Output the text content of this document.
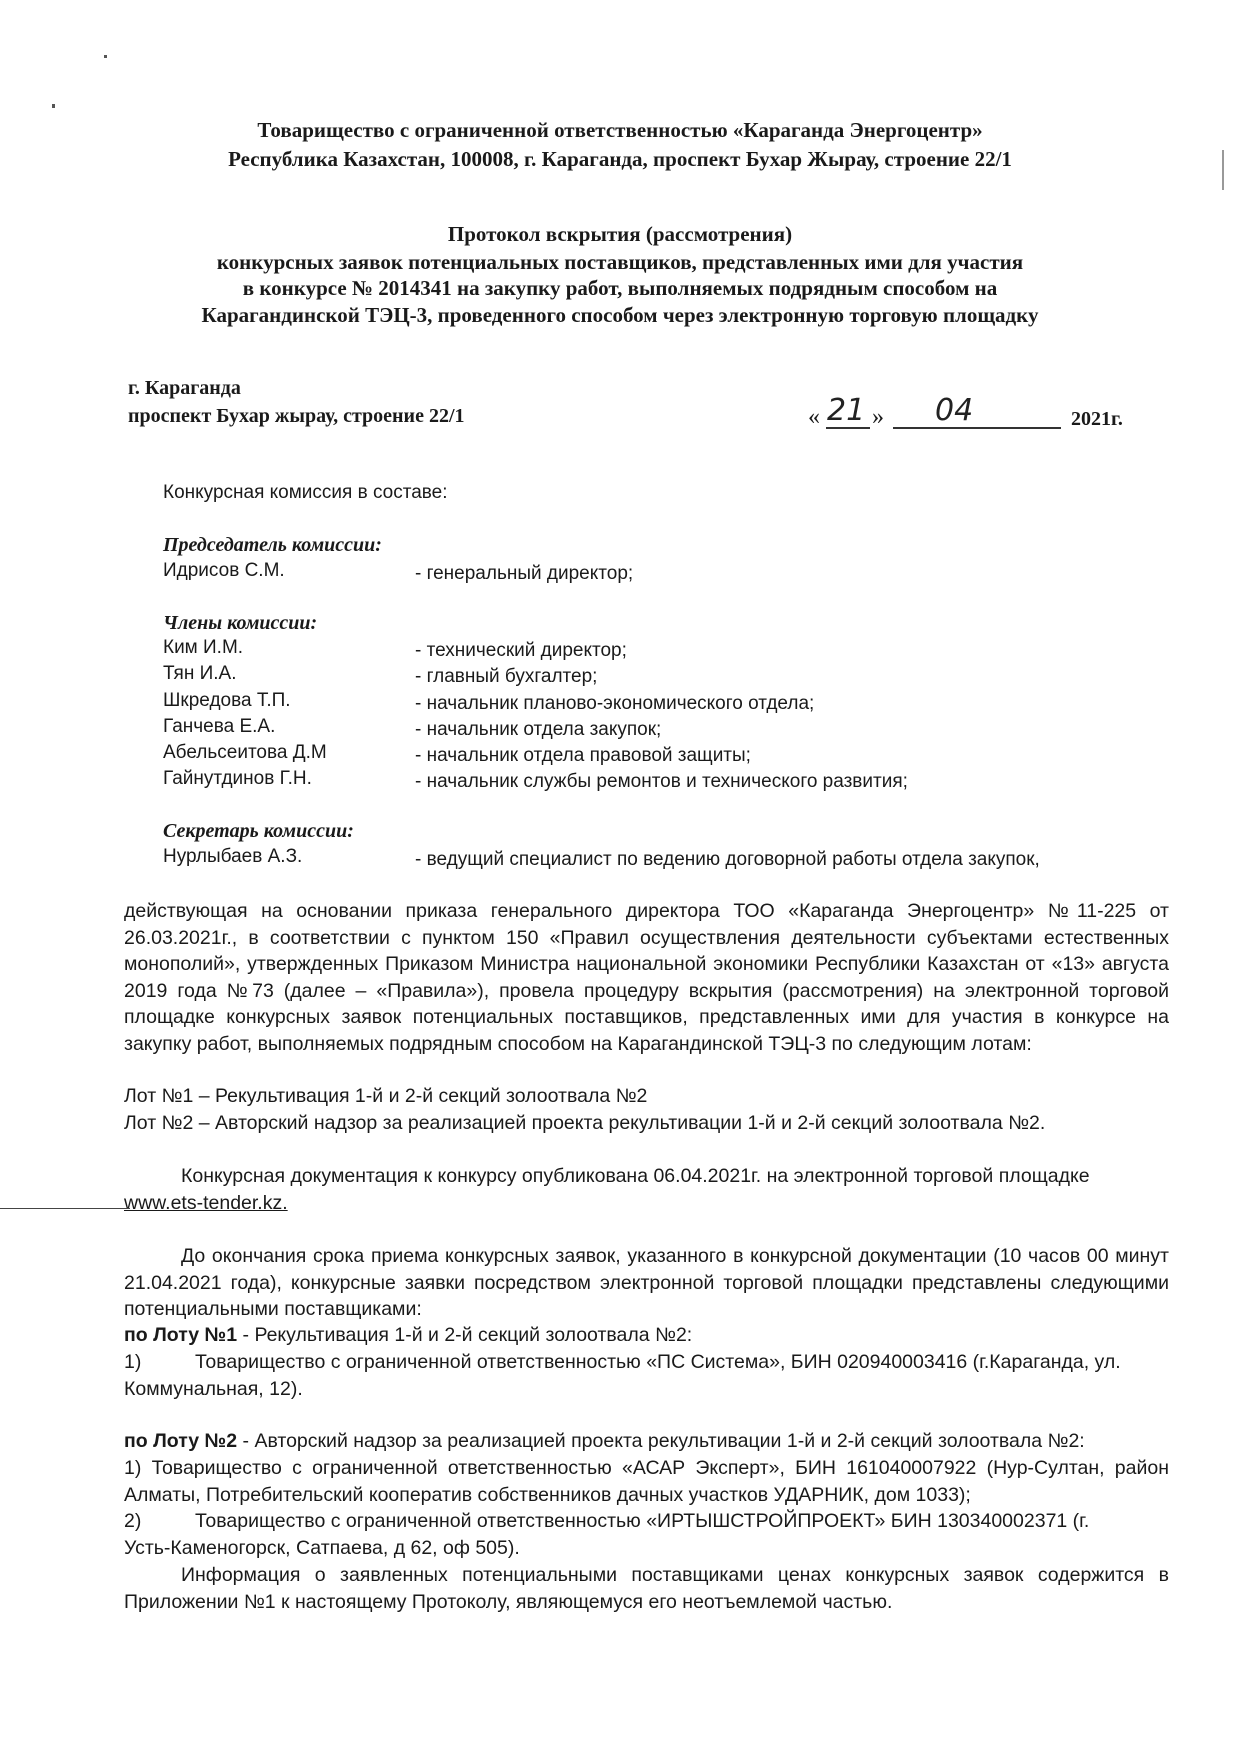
Товарищество с ограниченной ответственностью «Караганда Энергоцентр»
Республика Казахстан, 100008, г. Караганда, проспект Бухар Жырау, строение 22/1
Протокол вскрытия (рассмотрения)
конкурсных заявок потенциальных поставщиков, представленных ими для участия
в конкурсе № 2014341 на закупку работ, выполняемых подрядным способом на
Карагандинской ТЭЦ-3, проведенного способом через электронную торговую площадку
г. Караганда
проспект Бухар жырау, строение 22/1	« 21 » 04	2021г.
Конкурсная комиссия в составе:
Председатель комиссии:
Идрисов С.М.	- генеральный директор;
Члены комиссии:
Ким И.М.	- технический директор;
Тян И.А.	- главный бухгалтер;
Шкредова Т.П.	- начальник планово-экономического отдела;
Ганчева Е.А.	- начальник отдела закупок;
Абельсеитова Д.М	- начальник отдела правовой защиты;
Гайнутдинов Г.Н.	- начальник службы ремонтов и технического развития;
Секретарь комиссии:
Нурлыбаев А.З.	- ведущий специалист по ведению договорной работы отдела закупок,
действующая на основании приказа генерального директора ТОО «Караганда Энергоцентр» №11-225 от 26.03.2021г., в соответствии с пунктом 150 «Правил осуществления деятельности субъектами естественных монополий», утвержденных Приказом Министра национальной экономики Республики Казахстан от «13» августа 2019 года №73 (далее – «Правила»), провела процедуру вскрытия (рассмотрения) на электронной торговой площадке конкурсных заявок потенциальных поставщиков, представленных ими для участия в конкурсе на закупку работ, выполняемых подрядным способом на Карагандинской ТЭЦ-3 по следующим лотам:
Лот №1 – Рекультивация 1-й и 2-й секций золоотвала №2
Лот №2 – Авторский надзор за реализацией проекта рекультивации 1-й и 2-й секций золоотвала №2.
Конкурсная документация к конкурсу опубликована 06.04.2021г. на электронной торговой площадке
www.ets-tender.kz.
До окончания срока приема конкурсных заявок, указанного в конкурсной документации (10 часов 00 минут 21.04.2021 года), конкурсные заявки посредством электронной торговой площадки представлены следующими потенциальными поставщиками:
по Лоту №1 - Рекультивация 1-й и 2-й секций золоотвала №2:
1)	Товарищество с ограниченной ответственностью «ПС Система», БИН 020940003416 (г.Караганда, ул.
Коммунальная, 12).
по Лоту №2 - Авторский надзор за реализацией проекта рекультивации 1-й и 2-й секций золоотвала №2:
1) Товарищество с ограниченной ответственностью «АСАР Эксперт», БИН 161040007922 (Нур-Султан, район Алматы, Потребительский кооператив собственников дачных участков УДАРНИК, дом 1033);
2)	Товарищество с ограниченной ответственностью «ИРТЫШСТРОЙПРОЕКТ» БИН 130340002371 (г.
Усть-Каменогорск, Сатпаева, д 62, оф 505).
Информация о заявленных потенциальными поставщиками ценах конкурсных заявок содержится в Приложении №1 к настоящему Протоколу, являющемуся его неотъемлемой частью.
